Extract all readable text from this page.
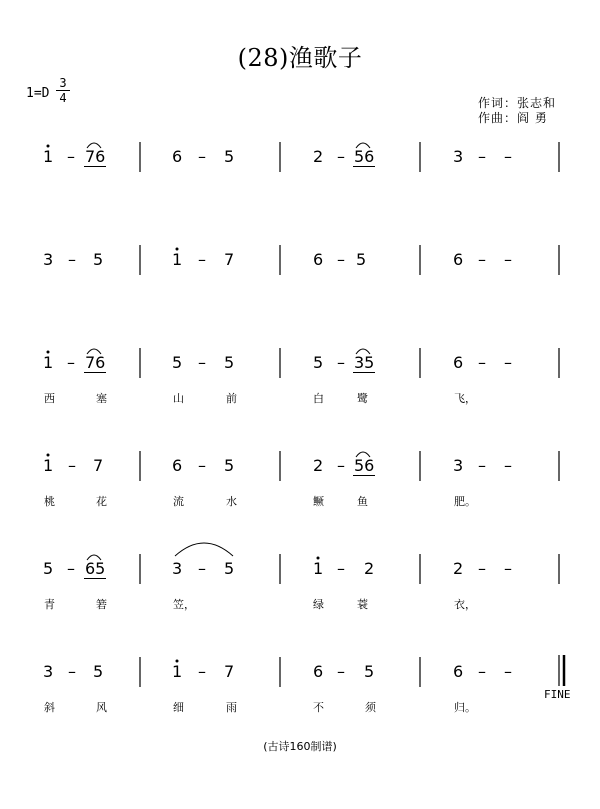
(28)渔歌子
$1=D \frac{3}{4}$	作词：张志和
作曲：阎 勇
1 – 76	6 – 5	2 – 56	3 – –
3 – 5	1 – 7	6 – 5	6 – –
1 – 76	5 – 5	5 – 35	6 – –
西	塞	山	前	白	鹭	飞，
1 – 7	6 – 5	2 – 56	3 – –
桃	花	流	水	鳜	鱼	肥。
5 – 65	3 – 5	1 – 2	2 – –
青	箬	笠，	绿	蓑	衣，
3 – 5	1 – 7	6 – 5	6 – –
斜	风	细	雨	不	须	归。
FINE
(古诗160制谱)
